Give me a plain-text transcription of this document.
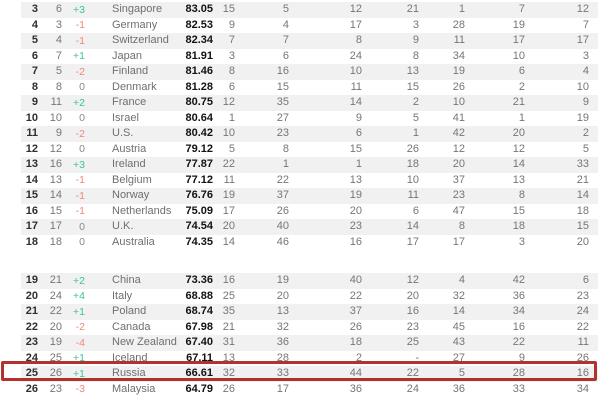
3	6	+3	Singapore	83.05 15	5	12	21	1	7	12
4	3	-1	Germany	82.53	9	4	17	3	28	19	7
5	4	-1	Switzerland	82.34	7	7	8	9	11	17	17
6	7	+1	Japan	81.91	3	6	24	8	34	10	3
7	5	-2	Finland	81.46	8	16	10	13	19	6	4
8	8	0	Denmark	81.28	6	15	11	15	26	2	10
9	11	+2	France	80.75 12	35	14	2	10	21	9
10	10	0	Israel	80.64	1	27	9	5	41	1	19
11	9	-2	U.S.	80.42 10	23	6	1	42	20	2
12	12	0	Austria	79.12	5	8	15	26	12	12	5
13	16	+3	Ireland	77.87 22	1	1	18	20	14	33
14	13	-1	Belgium	77.12 11	22	13	10	37	13	21
15	14	-1	Norway	76.76 19	37	19	11	23	8	14
16	15	-1	Netherlands	75.09 17	26	20	6	47	15	18
17	17	0	U.K.	74.54 20	40	23	14	8	18	15
18	18	0	Australia	74.35 14	46	16	17	17	3	20
19	21	+2	China	73.36 16	19	40	12	4	42	6
20	24	+4	Italy	68.88 25	20	22	20	32	36	23
21	22	+1	Poland	68.74 35	13	37	16	14	34	24
22	20	-2	Canada	67.98 21	32	26	23	45	16	22
23	19	-4	New Zealand 67.40 31	36	18	25	43	22	11
24	25	+1	Iceland	67.11 13	28	2	-	27	9	26
25	26	+1	Russia	66.61 32	33	44	22	5	28	16
26	23	-3	Malaysia	64.79 26	17	36	24	36	33	34
